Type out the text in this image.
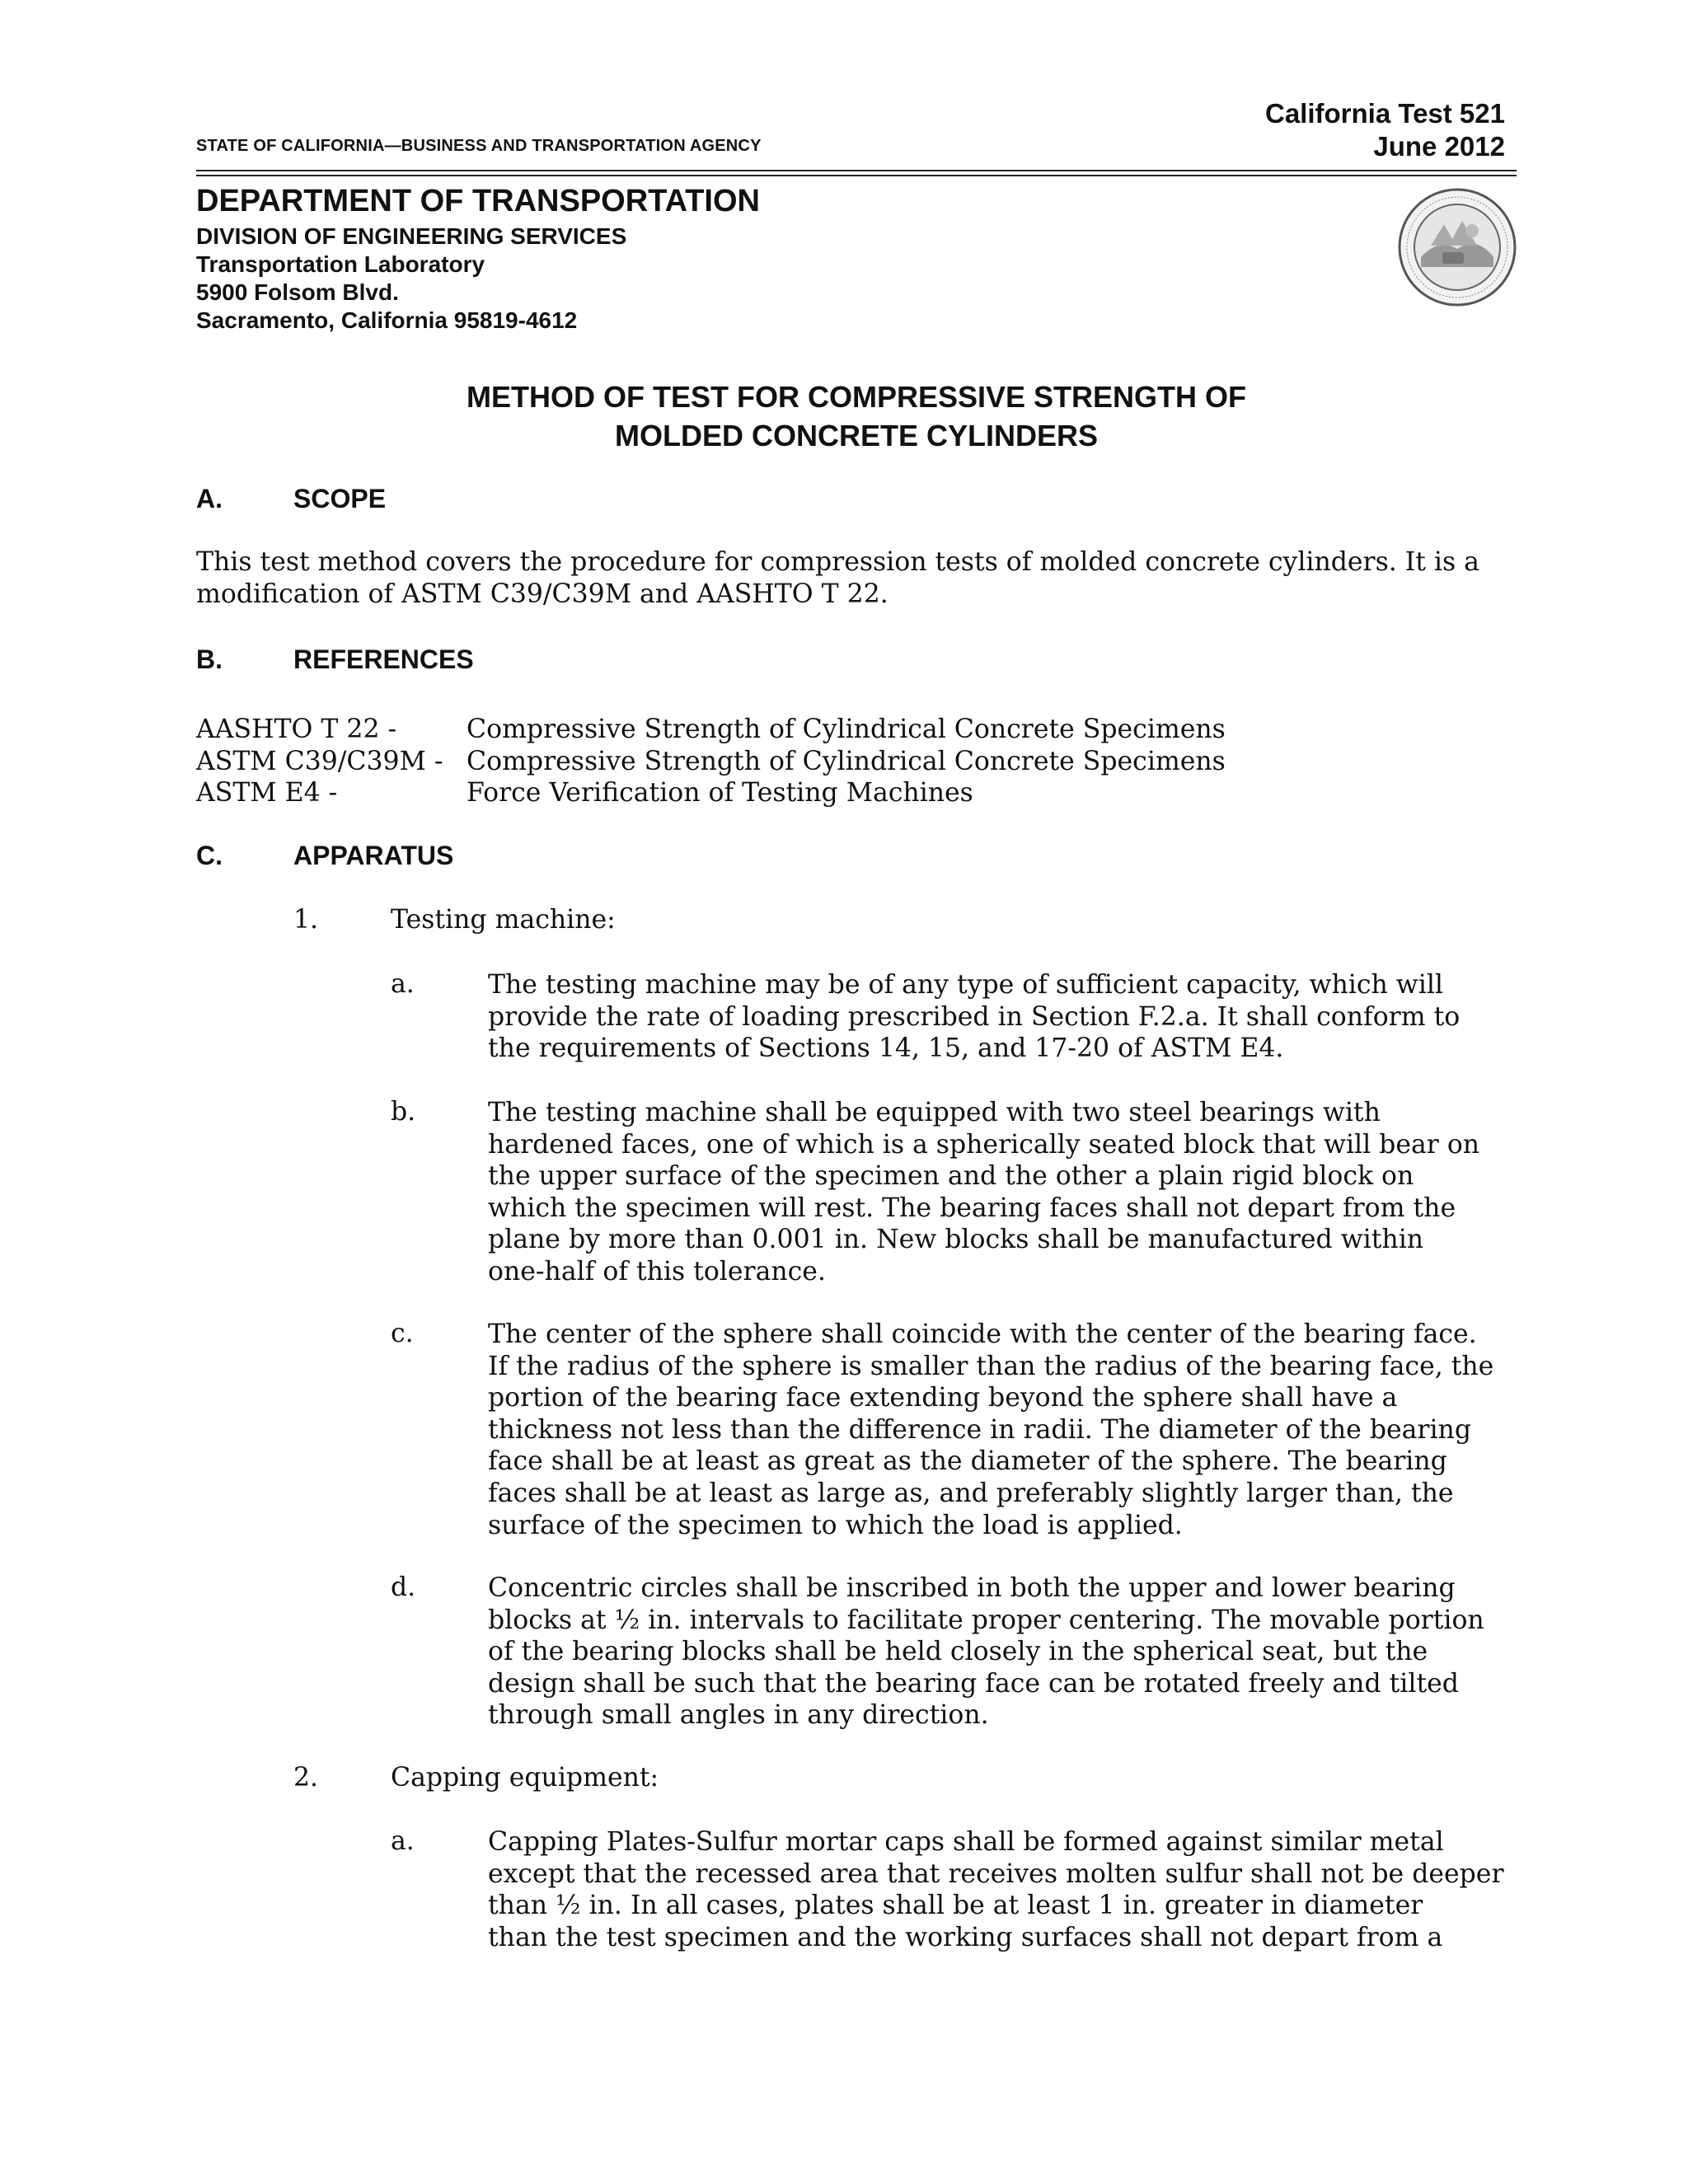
California Test 521
June 2012
STATE OF CALIFORNIA—BUSINESS AND TRANSPORTATION AGENCY
DEPARTMENT OF TRANSPORTATION
DIVISION OF ENGINEERING SERVICES
Transportation Laboratory
5900 Folsom Blvd.
Sacramento, California 95819-4612
METHOD OF TEST FOR COMPRESSIVE STRENGTH OF
MOLDED CONCRETE CYLINDERS
A.	SCOPE
This test method covers the procedure for compression tests of molded concrete cylinders. It is a
modification of ASTM C39/C39M and AASHTO T 22.
B.	REFERENCES
AASHTO T 22 -	Compressive Strength of Cylindrical Concrete Specimens
ASTM C39/C39M - Compressive Strength of Cylindrical Concrete Specimens
ASTM E4 -	Force Verification of Testing Machines
C.	APPARATUS
1.	Testing machine:
a.	The testing machine may be of any type of sufficient capacity, which will
provide the rate of loading prescribed in Section F.2.a. It shall conform to
the requirements of Sections 14, 15, and 17-20 of ASTM E4.
b.	The testing machine shall be equipped with two steel bearings with
hardened faces, one of which is a spherically seated block that will bear on
the upper surface of the specimen and the other a plain rigid block on
which the specimen will rest. The bearing faces shall not depart from the
plane by more than 0.001 in. New blocks shall be manufactured within
one-half of this tolerance.
c.	The center of the sphere shall coincide with the center of the bearing face.
If the radius of the sphere is smaller than the radius of the bearing face, the
portion of the bearing face extending beyond the sphere shall have a
thickness not less than the difference in radii. The diameter of the bearing
face shall be at least as great as the diameter of the sphere. The bearing
faces shall be at least as large as, and preferably slightly larger than, the
surface of the specimen to which the load is applied.
d.	Concentric circles shall be inscribed in both the upper and lower bearing
blocks at ½ in. intervals to facilitate proper centering. The movable portion
of the bearing blocks shall be held closely in the spherical seat, but the
design shall be such that the bearing face can be rotated freely and tilted
through small angles in any direction.
2.	Capping equipment:
a.	Capping Plates-Sulfur mortar caps shall be formed against similar metal
except that the recessed area that receives molten sulfur shall not be deeper
than ½ in. In all cases, plates shall be at least 1 in. greater in diameter
than the test specimen and the working surfaces shall not depart from a
